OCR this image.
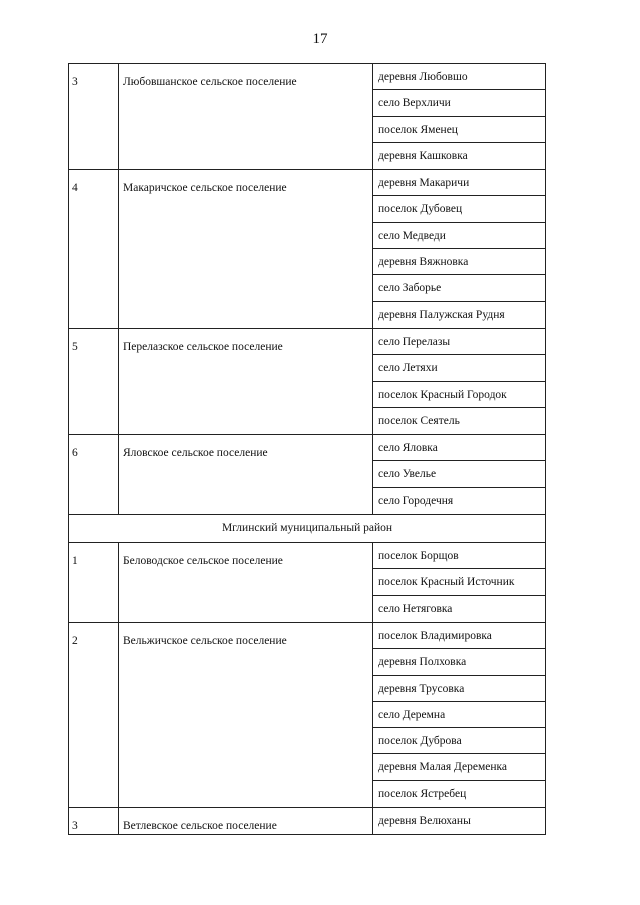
17
3	Любовшанское сельское поселение	деревня Любовшо
село Верхличи
поселок Яменец
деревня Кашковка
4	Макаричское сельское поселение	деревня Макаричи
поселок Дубовец
село Медведи
деревня Вяжновка
село Заборье
деревня Палужская Рудня
5	Перелазское сельское поселение	село Перелазы
село Летяхи
поселок Красный Городок
поселок Сеятель
6	Яловское сельское поселение	село Яловка
село Увелье
село Городечня
Мглинский муниципальный район
1	Беловодское сельское поселение	поселок Борщов
поселок Красный Источник
село Нетяговка
2	Вельжичское сельское поселение	поселок Владимировка
деревня Полховка
деревня Трусовка
село Деремна
поселок Дуброва
деревня Малая Дерeменка
поселок Ястребец
3	Ветлевское сельское поселение	деревня Велюханы
